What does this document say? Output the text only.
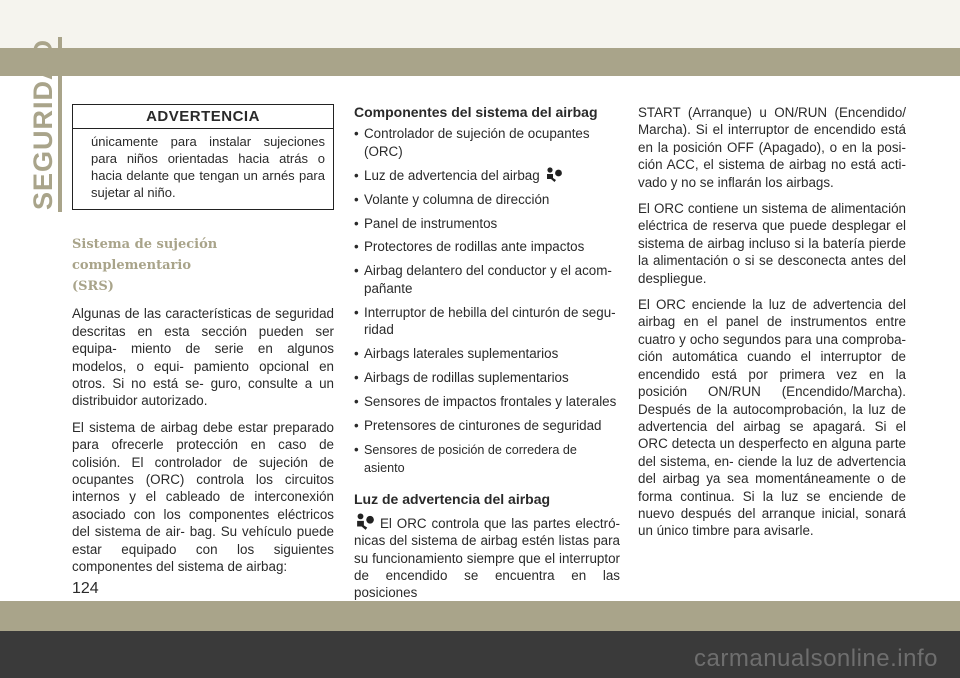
SEGURIDAD	ADVERTENCIA
únicamente para instalar sujeciones para niños orientadas hacia atrás o hacia delante que tengan un arnés para sujetar al niño.
Sistema de sujeción complementario
(SRS)

Algunas de las características de seguridad descritas en esta sección pueden ser equipa- miento de serie en algunos modelos, o equi- pamiento opcional en otros. Si no está se- guro, consulte a un distribuidor autorizado.

El sistema de airbag debe estar preparado para ofrecerle protección en caso de colisión. El controlador de sujeción de ocupantes (ORC) controla los circuitos internos y el cableado de interconexión asociado con los componentes eléctricos del sistema de air- bag. Su vehículo puede estar equipado con los siguientes componentes del sistema de airbag:

Componentes del sistema del airbag
• Controlador de sujeción de ocupantes (ORC)
• Luz de advertencia del airbag
• Volante y columna de dirección
• Panel de instrumentos
• Protectores de rodillas ante impactos
• Airbag delantero del conductor y el acom-
pañante
• Interruptor de hebilla del cinturón de segu-
ridad
• Airbags laterales suplementarios
• Airbags de rodillas suplementarios
• Sensores de impactos frontales y laterales
• Pretensores de cinturones de seguridad
• Sensores de posición de corredera de asiento
Luz de advertencia del airbag

El ORC controla que las partes electró- nicas del sistema de airbag estén listas para su funcionamiento siempre que el interruptor de encendido se encuentra en las posiciones

START (Arranque) u ON/RUN (Encendido/ Marcha). Si el interruptor de encendido está en la posición OFF (Apagado), o en la posi- ción ACC, el sistema de airbag no está acti- vado y no se inflarán los airbags.

El ORC contiene un sistema de alimentación eléctrica de reserva que puede desplegar el sistema de airbag incluso si la batería pierde la alimentación o si se desconecta antes del despliegue.

El ORC enciende la luz de advertencia del airbag en el panel de instrumentos entre cuatro y ocho segundos para una comproba- ción automática cuando el interruptor de encendido está por primera vez en la posición ON/RUN (Encendido/Marcha). Después de la autocomprobación, la luz de advertencia del airbag se apagará. Si el ORC detecta un desperfecto en alguna parte del sistema, en- ciende la luz de advertencia del airbag ya sea momentáneamente o de forma continua. Si la luz se enciende de nuevo después del arranque inicial, sonará un único timbre para avisarle.

124
carmanualsonline.info
